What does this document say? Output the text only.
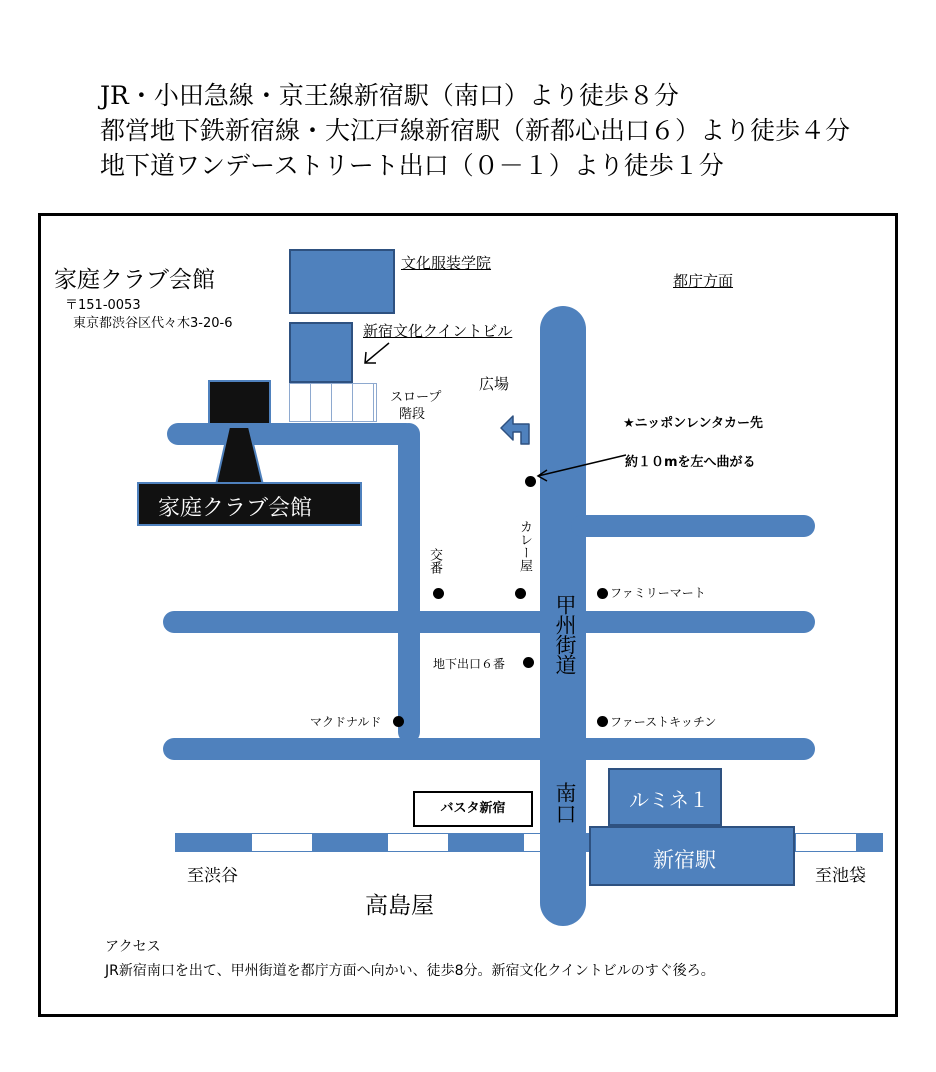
JR・小田急線・京王線新宿駅（南口）より徒歩８分
都営地下鉄新宿線・大江戸線新宿駅（新都心出口６）より徒歩４分
地下道ワンデーストリート出口（０－１）より徒歩１分
家庭クラブ会館
家庭クラブ会館
〒151-0053
東京都渋谷区代々木3-20-6
文化服装学院
都庁方面
新宿文化クイントビル
広場
スロープ
階段
★ニッポンレンタカー先
約１０mを左へ曲がる
交番	カレー屋
ファミリーマート
甲州街道
地下出口６番
マクドナルド	ファーストキッチン
ルミネ１
バスタ新宿	南口
新宿駅
至渋谷	至池袋
高島屋
アクセス
JR新宿南口を出て、甲州街道を都庁方面へ向かい、徒歩8分。新宿文化クイントビルのすぐ後ろ。
